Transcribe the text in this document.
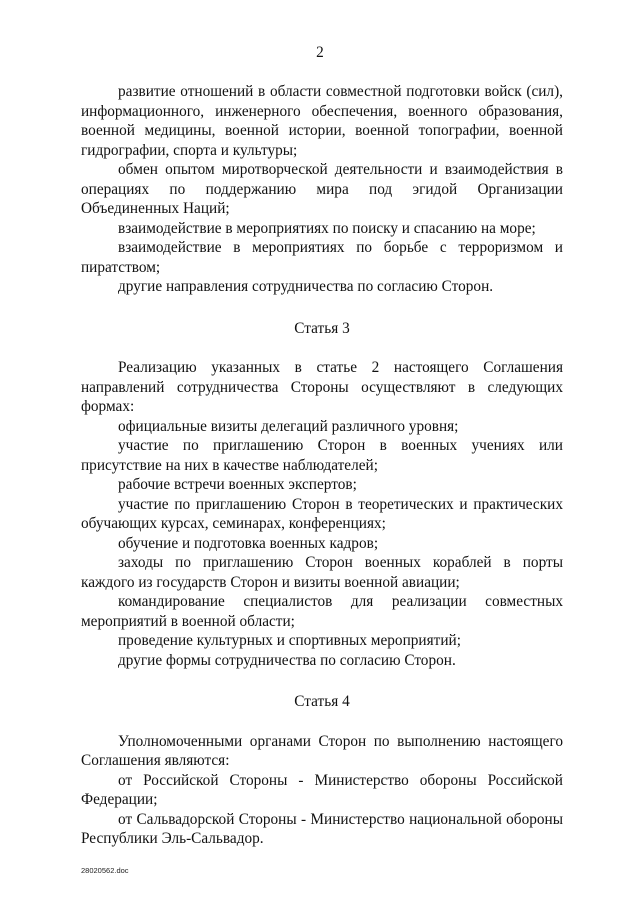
2

развитие отношений в области совместной подготовки войск (сил), информационного, инженерного обеспечения, военного образования, военной медицины, военной истории, военной топографии, военной гидрографии, спорта и культуры;

обмен опытом миротворческой деятельности и взаимодействия в операциях по поддержанию мира под эгидой Организации Объединенных Наций;

взаимодействие в мероприятиях по поиску и спасанию на море;

взаимодействие в мероприятиях по борьбе с терроризмом и пиратством;

другие направления сотрудничества по согласию Сторон.

Статья 3

Реализацию указанных в статье 2 настоящего Соглашения направлений сотрудничества Стороны осуществляют в следующих формах:

официальные визиты делегаций различного уровня;

участие по приглашению Сторон в военных учениях или присутствие на них в качестве наблюдателей;

рабочие встречи военных экспертов;

участие по приглашению Сторон в теоретических и практических обучающих курсах, семинарах, конференциях;

обучение и подготовка военных кадров;

заходы по приглашению Сторон военных кораблей в порты каждого из государств Сторон и визиты военной авиации;

командирование специалистов для реализации совместных мероприятий в военной области;

проведение культурных и спортивных мероприятий;

другие формы сотрудничества по согласию Сторон.

Статья 4

Уполномоченными органами Сторон по выполнению настоящего Соглашения являются:

от Российской Стороны - Министерство обороны Российской Федерации;

от Сальвадорской Стороны - Министерство национальной обороны Республики Эль-Сальвадор.

28020562.doc
